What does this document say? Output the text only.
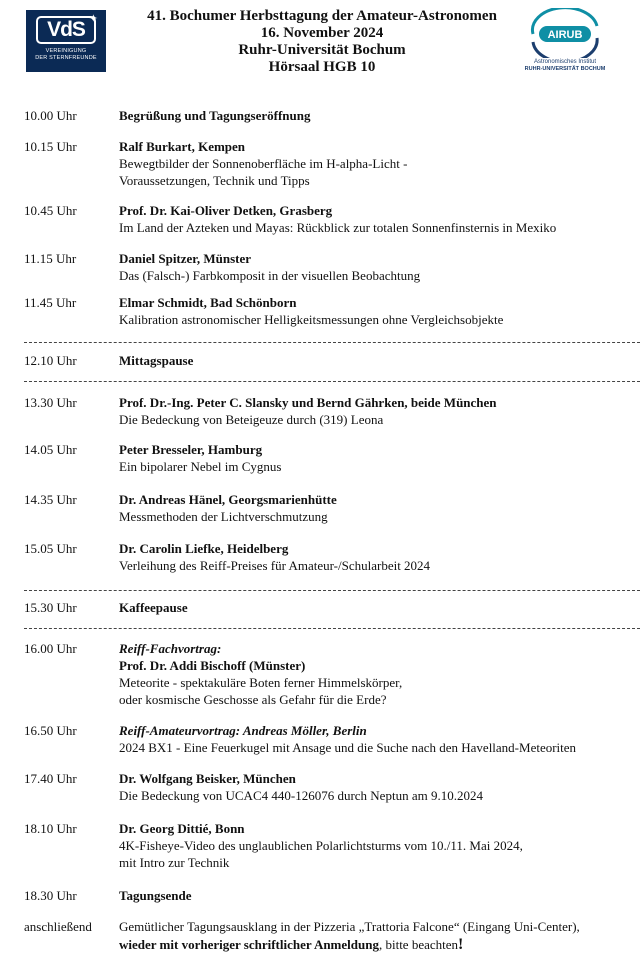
✦
VdS
VEREINIGUNG
DER STERNFREUNDE
41. Bochumer Herbsttagung der Amateur-Astronomen
16. November 2024
Ruhr-Universität Bochum
Hörsaal HGB 10
AIRUB
Astronomisches Institut
RUHR-UNIVERSITÄT BOCHUM
10.00 Uhr	Begrüßung und Tagungseröffnung
10.15 Uhr	Ralf Burkart, Kempen
Bewegtbilder der Sonnenoberfläche im H-alpha-Licht -
Voraussetzungen, Technik und Tipps
10.45 Uhr	Prof. Dr. Kai-Oliver Detken, Grasberg
Im Land der Azteken und Mayas: Rückblick zur totalen Sonnenfinsternis in Mexiko
11.15 Uhr	Daniel Spitzer, Münster
Das (Falsch-) Farbkomposit in der visuellen Beobachtung
11.45 Uhr	Elmar Schmidt, Bad Schönborn
Kalibration astronomischer Helligkeitsmessungen ohne Vergleichsobjekte
12.10 Uhr	Mittagspause
13.30 Uhr	Prof. Dr.-Ing. Peter C. Slansky und Bernd Gährken, beide München
Die Bedeckung von Beteigeuze durch (319) Leona
14.05 Uhr	Peter Bresseler, Hamburg
Ein bipolarer Nebel im Cygnus
14.35 Uhr	Dr. Andreas Hänel, Georgsmarienhütte
Messmethoden der Lichtverschmutzung
15.05 Uhr	Dr. Carolin Liefke, Heidelberg
Verleihung des Reiff-Preises für Amateur-/Schularbeit 2024
15.30 Uhr	Kaffeepause
16.00 Uhr	Reiff-Fachvortrag:
Prof. Dr. Addi Bischoff (Münster)
Meteorite - spektakuläre Boten ferner Himmelskörper,
oder kosmische Geschosse als Gefahr für die Erde?
16.50 Uhr	Reiff-Amateurvortrag: Andreas Möller, Berlin
2024 BX1 - Eine Feuerkugel mit Ansage und die Suche nach den Havelland-Meteoriten
17.40 Uhr	Dr. Wolfgang Beisker, München
Die Bedeckung von UCAC4 440-126076 durch Neptun am 9.10.2024
18.10 Uhr	Dr. Georg Dittié, Bonn
4K-Fisheye-Video des unglaublichen Polarlichtsturms vom 10./11. Mai 2024,
mit Intro zur Technik
18.30 Uhr	Tagungsende
anschließend Gemütlicher Tagungsausklang in der Pizzeria „Trattoria Falcone“ (Eingang Uni-Center),
wieder mit vorheriger schriftlicher Anmeldung, bitte beachten!
